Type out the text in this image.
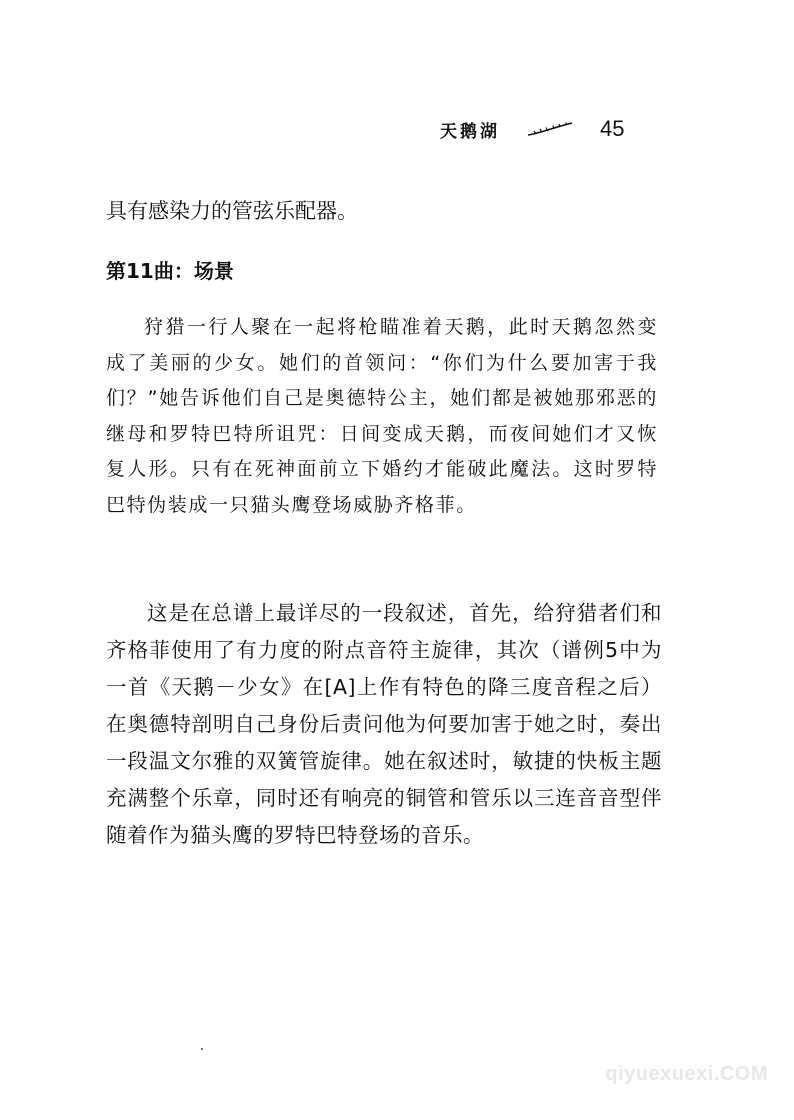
天鹅湖	45
具有感染力的管弦乐配器。
第11曲：场景

狩猎一行人聚在一起将枪瞄准着天鹅，此时天鹅忽然变成了美丽的少女。她们的首领问：“你们为什么要加害于我们？”她告诉他们自己是奥德特公主，她们都是被她那邪恶的继母和罗特巴特所诅咒：日间变成天鹅，而夜间她们才又恢复人形。只有在死神面前立下婚约才能破此魔法。这时罗特巴特伪装成一只猫头鹰登场威胁齐格菲。

这是在总谱上最详尽的一段叙述，首先，给狩猎者们和齐格菲使用了有力度的附点音符主旋律，其次（谱例5中为一首《天鹅－少女》在[A]上作有特色的降三度音程之后）在奥德特剖明自己身份后责问他为何要加害于她之时，奏出一段温文尔雅的双簧管旋律。她在叙述时，敏捷的快板主题充满整个乐章，同时还有响亮的铜管和管乐以三连音音型伴随着作为猫头鹰的罗特巴特登场的音乐。

qiyuexuexi.COM
